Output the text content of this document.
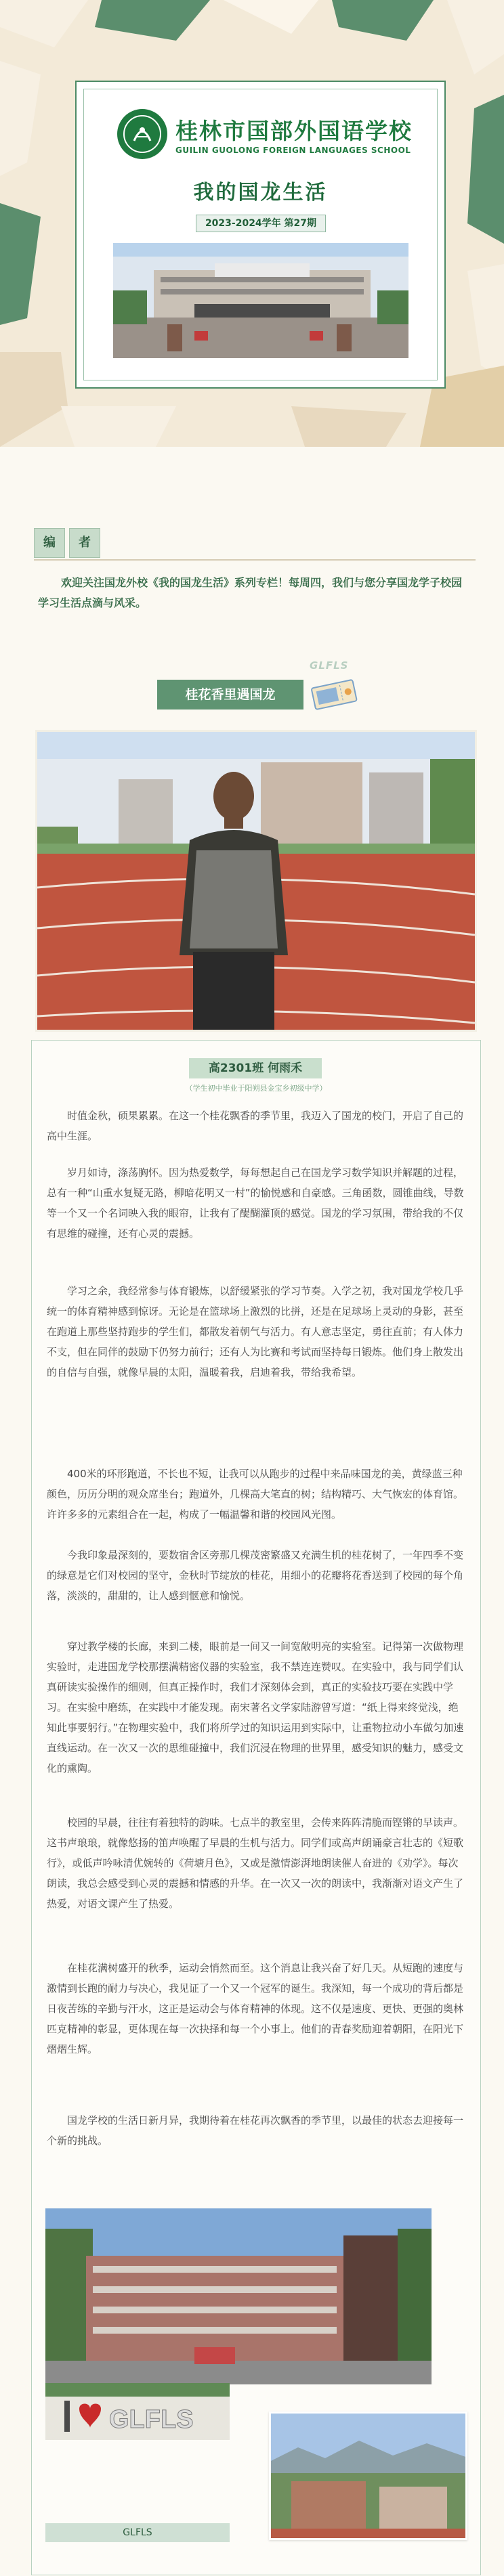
桂林市国部外国语学校
GUILIN GUOLONG FOREIGN LANGUAGES SCHOOL
我的国龙生活
2023-2024学年 第27期
编	者
欢迎关注国龙外校《我的国龙生活》系列专栏！每周四，我们与您分享国龙学子校园学习生活点滴与风采。
GLFLS
桂花香里遇国龙
高2301班 何雨禾
（学生初中毕业于阳朔县金宝乡初级中学）

时值金秋，硕果累累。在这一个桂花飘香的季节里，我迈入了国龙的校门，开启了自己的高中生涯。

岁月如诗，涤荡胸怀。因为热爱数学，每每想起自己在国龙学习数学知识并解题的过程，总有一种“山重水复疑无路，柳暗花明又一村”的愉悦感和自豪感。三角函数，圆锥曲线，导数等一个又一个名词映入我的眼帘，让我有了醍醐灌顶的感觉。国龙的学习氛围，带给我的不仅有思维的碰撞，还有心灵的震撼。

学习之余，我经常参与体育锻炼，以舒缓紧张的学习节奏。入学之初，我对国龙学校几乎统一的体育精神感到惊讶。无论是在篮球场上激烈的比拼，还是在足球场上灵动的身影，甚至在跑道上那些坚持跑步的学生们，都散发着朝气与活力。有人意志坚定，勇往直前；有人体力不支，但在同伴的鼓励下仍努力前行；还有人为比赛和考试而坚持每日锻炼。他们身上散发出的自信与自强，就像早晨的太阳，温暖着我，启迪着我，带给我希望。

400米的环形跑道，不长也不短，让我可以从跑步的过程中来品味国龙的美，黄绿蓝三种颜色，历历分明的观众席坐台；跑道外，几棵高大笔直的树；结构精巧、大气恢宏的体育馆。许许多多的元素组合在一起，构成了一幅温馨和谐的校园风光图。

今我印象最深刻的，要数宿舍区旁那几棵茂密繁盛又充满生机的桂花树了，一年四季不变的绿意是它们对校园的坚守，金秋时节绽放的桂花，用细小的花瓣将花香送到了校园的每个角落，淡淡的，甜甜的，让人感到惬意和愉悦。

穿过教学楼的长廊，来到二楼，眼前是一间又一间宽敞明亮的实验室。记得第一次做物理实验时，走进国龙学校那摆满精密仪器的实验室，我不禁连连赞叹。在实验中，我与同学们认真研读实验操作的细则，但真正操作时，我们才深刻体会到，真正的实验技巧要在实践中学习。在实验中磨练，在实践中才能发现。南宋著名文学家陆游曾写道：“纸上得来终觉浅，绝知此事要躬行。”在物理实验中，我们将所学过的知识运用到实际中，让重物拉动小车做匀加速直线运动。在一次又一次的思维碰撞中，我们沉浸在物理的世界里，感受知识的魅力，感受文化的熏陶。

校园的早晨，往往有着独特的韵味。七点半的教室里，会传来阵阵清脆而铿锵的早读声。这书声琅琅，就像悠扬的笛声唤醒了早晨的生机与活力。同学们或高声朗诵豪言壮志的《短歌行》，或低声吟咏清优婉转的《荷塘月色》，又或是激情澎湃地朗读催人奋进的《劝学》。每次朗读，我总会感受到心灵的震撼和情感的升华。在一次又一次的朗读中，我渐渐对语文产生了热爱，对语文课产生了热爱。

在桂花满树盛开的秋季，运动会悄然而至。这个消息让我兴奋了好几天。从短跑的速度与激情到长跑的耐力与决心，我见证了一个又一个冠军的诞生。我深知，每一个成功的背后都是日夜苦练的辛勤与汗水，这正是运动会与体育精神的体现。这不仅是速度、更快、更强的奥林匹克精神的彰显，更体现在每一次抉择和每一个小事上。他们的青春奖励迎着朝阳，在阳光下熠熠生辉。

国龙学校的生活日新月异，我期待着在桂花再次飘香的季节里，以最佳的状态去迎接每一个新的挑战。

GLFLS
GLFLS
